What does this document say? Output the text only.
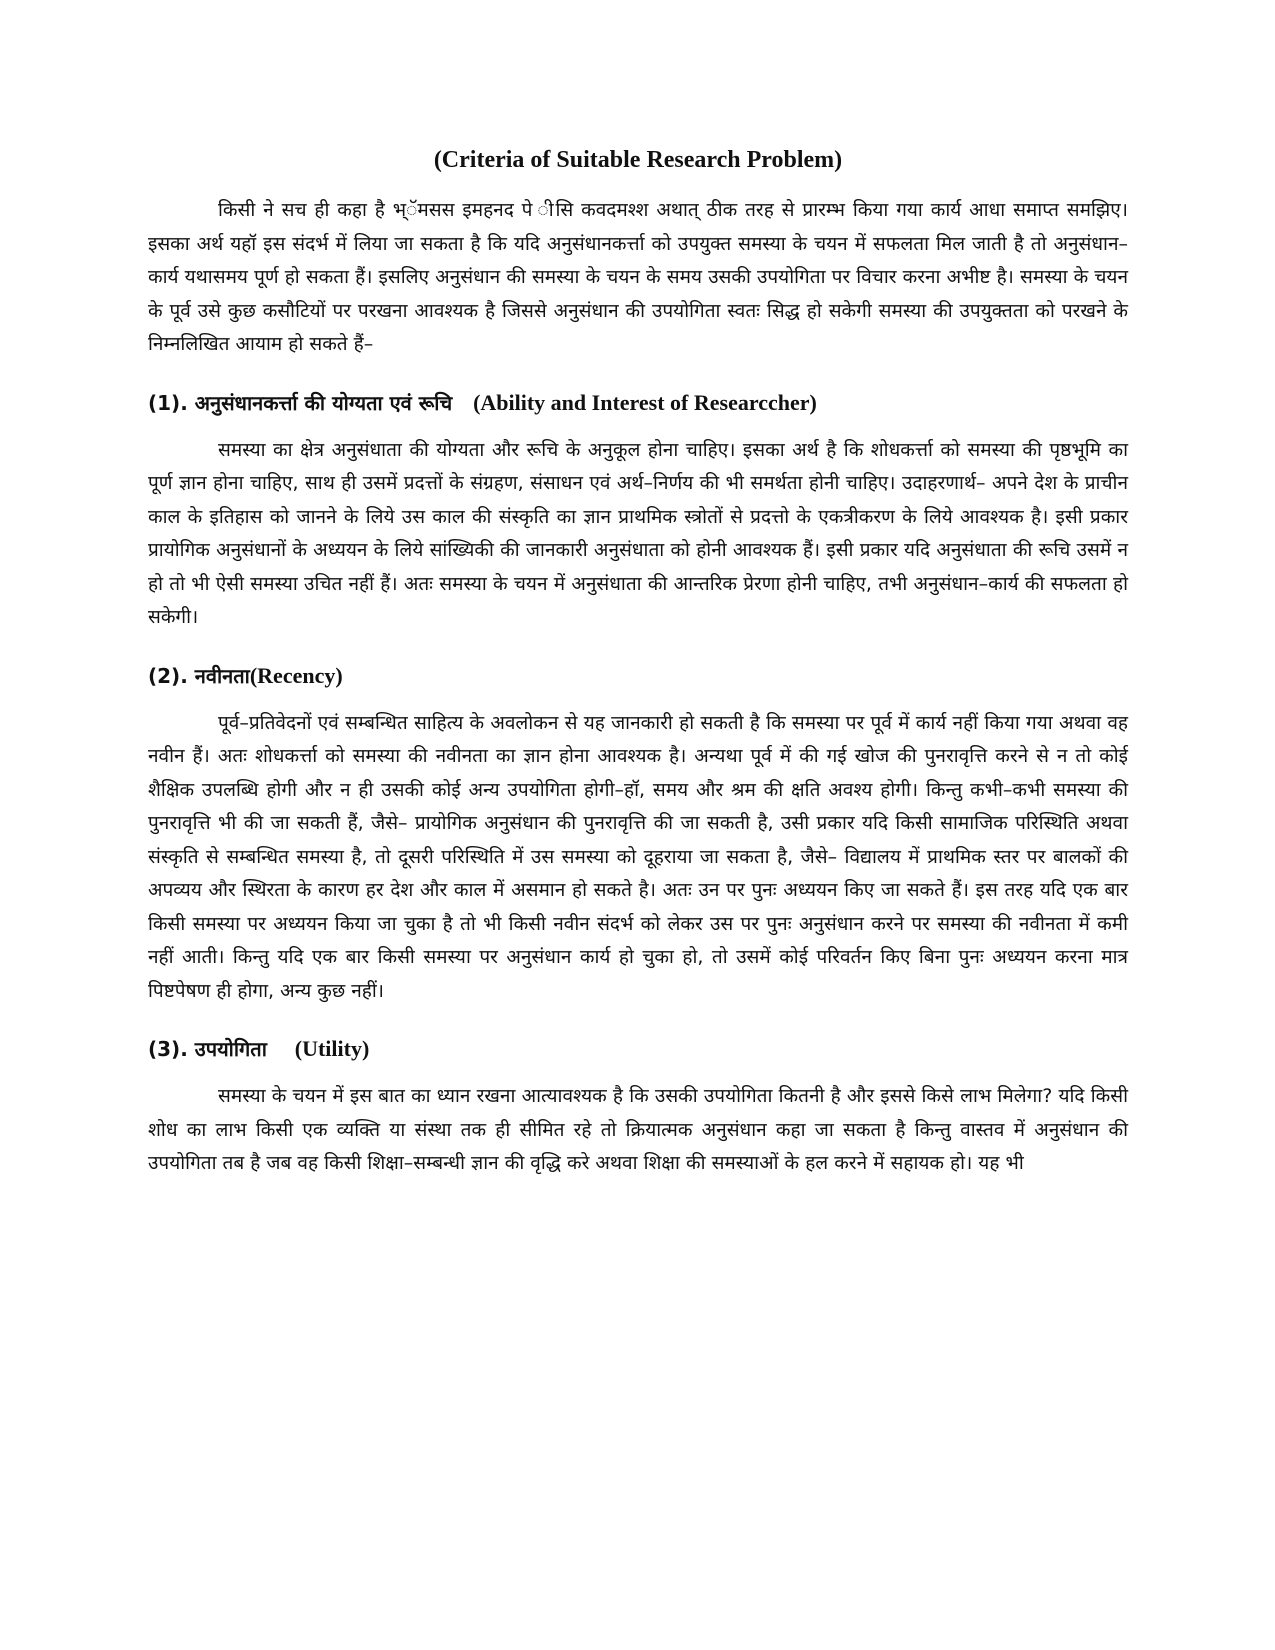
(Criteria of Suitable Research Problem)

किसी ने सच ही कहा है भ्ॅमसस इमहनद पे ीसि कवदमश्श अथात् ठीक तरह से प्रारम्भ किया गया कार्य आधा समाप्त समझिए। इसका अर्थ यहॉ इस संदर्भ में लिया जा सकता है कि यदि अनुसंधानकर्त्ता को उपयुक्त समस्या के चयन में सफलता मिल जाती है तो अनुसंधान–कार्य यथासमय पूर्ण हो सकता हैं। इसलिए अनुसंधान की समस्या के चयन के समय उसकी उपयोगिता पर विचार करना अभीष्ट है। समस्या के चयन के पूर्व उसे कुछ कसौटियों पर परखना आवश्यक है जिससे अनुसंधान की उपयोगिता स्वतः सिद्ध हो सकेगी समस्या की उपयुक्तता को परखने के निम्नलिखित आयाम हो सकते हैं–

(1). अनुसंधानकर्त्ता की योग्यता एवं रूचि (Ability and Interest of Researccher)

समस्या का क्षेत्र अनुसंधाता की योग्यता और रूचि के अनुकूल होना चाहिए। इसका अर्थ है कि शोधकर्त्ता को समस्या की पृष्ठभूमि का पूर्ण ज्ञान होना चाहिए, साथ ही उसमें प्रदत्तों के संग्रहण, संसाधन एवं अर्थ–निर्णय की भी समर्थता होनी चाहिए। उदाहरणार्थ– अपने देश के प्राचीन काल के इतिहास को जानने के लिये उस काल की संस्कृति का ज्ञान प्राथमिक स्त्रोतों से प्रदत्तो के एकत्रीकरण के लिये आवश्यक है। इसी प्रकार प्रायोगिक अनुसंधानों के अध्ययन के लिये सांख्यिकी की जानकारी अनुसंधाता को होनी आवश्यक हैं। इसी प्रकार यदि अनुसंधाता की रूचि उसमें न हो तो भी ऐसी समस्या उचित नहीं हैं। अतः समस्या के चयन में अनुसंधाता की आन्तरिक प्रेरणा होनी चाहिए, तभी अनुसंधान–कार्य की सफलता हो सकेगी।

(2). नवीनता(Recency)

पूर्व–प्रतिवेदनों एवं सम्बन्धित साहित्य के अवलोकन से यह जानकारी हो सकती है कि समस्या पर पूर्व में कार्य नहीं किया गया अथवा वह नवीन हैं। अतः शोधकर्त्ता को समस्या की नवीनता का ज्ञान होना आवश्यक है। अन्यथा पूर्व में की गई खोज की पुनरावृत्ति करने से न तो कोई शैक्षिक उपलब्धि होगी और न ही उसकी कोई अन्य उपयोगिता होगी–हॉ, समय और श्रम की क्षति अवश्य होगी। किन्तु कभी–कभी समस्या की पुनरावृत्ति भी की जा सकती हैं, जैसे– प्रायोगिक अनुसंधान की पुनरावृत्ति की जा सकती है, उसी प्रकार यदि किसी सामाजिक परिस्थिति अथवा संस्कृति से सम्बन्धित समस्या है, तो दूसरी परिस्थिति में उस समस्या को दूहराया जा सकता है, जैसे– विद्यालय में प्राथमिक स्तर पर बालकों की अपव्यय और स्थिरता के कारण हर देश और काल में असमान हो सकते है। अतः उन पर पुनः अध्ययन किए जा सकते हैं। इस तरह यदि एक बार किसी समस्या पर अध्ययन किया जा चुका है तो भी किसी नवीन संदर्भ को लेकर उस पर पुनः अनुसंधान करने पर समस्या की नवीनता में कमी नहीं आती। किन्तु यदि एक बार किसी समस्या पर अनुसंधान कार्य हो चुका हो, तो उसमें कोई परिवर्तन किए बिना पुनः अध्ययन करना मात्र पिष्टपेषण ही होगा, अन्य कुछ नहीं।

(3). उपयोगिता (Utility)

समस्या के चयन में इस बात का ध्यान रखना आत्यावश्यक है कि उसकी उपयोगिता कितनी है और इससे किसे लाभ मिलेगा? यदि किसी शोध का लाभ किसी एक व्यक्ति या संस्था तक ही सीमित रहे तो क्रियात्मक अनुसंधान कहा जा सकता है किन्तु वास्तव में अनुसंधान की उपयोगिता तब है जब वह किसी शिक्षा–सम्बन्धी ज्ञान की वृद्धि करे अथवा शिक्षा की समस्याओं के हल करने में सहायक हो। यह भी
